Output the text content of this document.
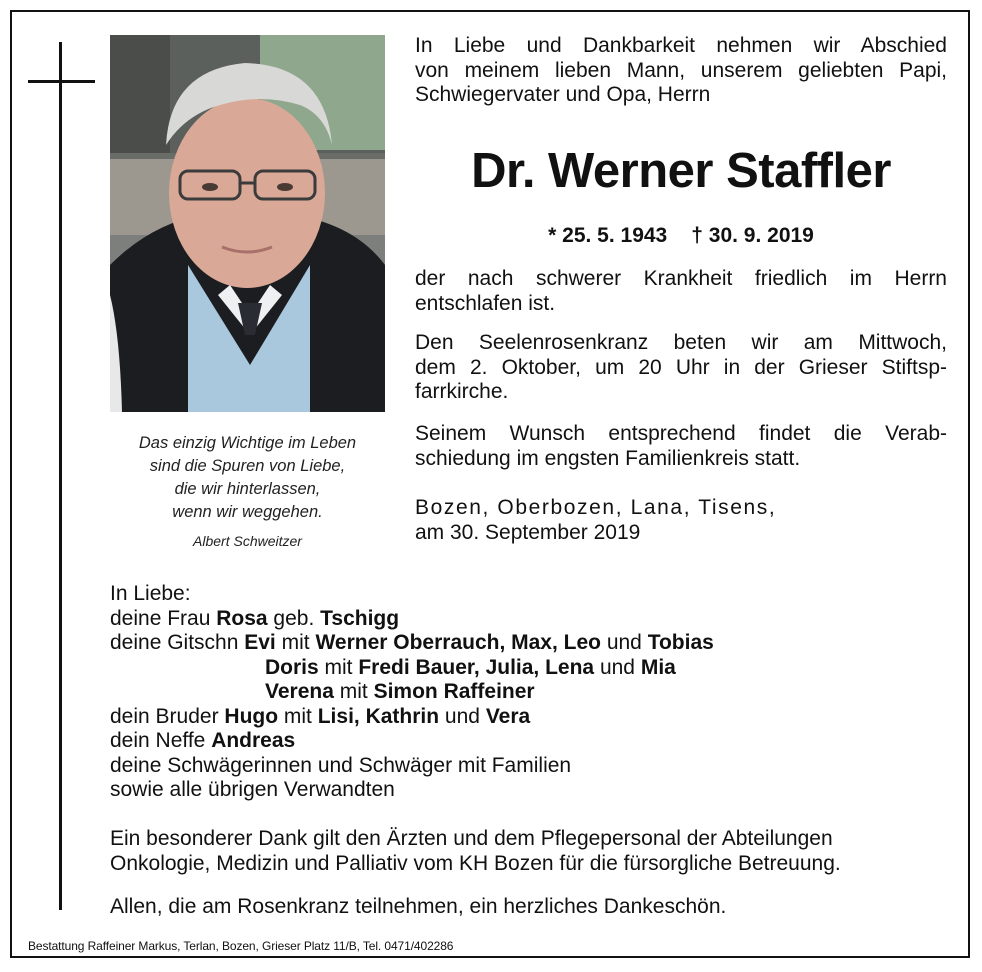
Das einzig Wichtige im Leben
sind die Spuren von Liebe,
die wir hinterlassen,
wenn wir weggehen.
Albert Schweitzer
In Liebe und Dankbarkeit nehmen wir Abschied
von meinem lieben Mann, unserem geliebten Papi,
Schwiegervater und Opa, Herrn
Dr. Werner Staffler
* 25. 5. 1943 † 30. 9. 2019
der nach schwerer Krankheit friedlich im Herrn
entschlafen ist.
Den Seelenrosenkranz beten wir am Mittwoch,
dem 2. Oktober, um 20 Uhr in der Grieser Stiftsp-
farrkirche.
Seinem Wunsch entsprechend findet die Verab-
schiedung im engsten Familienkreis statt.
Bozen, Oberbozen, Lana, Tisens,
am 30. September 2019
In Liebe:
deine Frau Rosa geb. Tschigg
deine Gitschn Evi mit Werner Oberrauch, Max, Leo und Tobias
Doris mit Fredi Bauer, Julia, Lena und Mia
Verena mit Simon Raffeiner
dein Bruder Hugo mit Lisi, Kathrin und Vera
dein Neffe Andreas
deine Schwägerinnen und Schwäger mit Familien
sowie alle übrigen Verwandten
Ein besonderer Dank gilt den Ärzten und dem Pflegepersonal der Abteilungen
Onkologie, Medizin und Palliativ vom KH Bozen für die fürsorgliche Betreuung.
Allen, die am Rosenkranz teilnehmen, ein herzliches Dankeschön.
Bestattung Raffeiner Markus, Terlan, Bozen, Grieser Platz 11/B, Tel. 0471/402286
